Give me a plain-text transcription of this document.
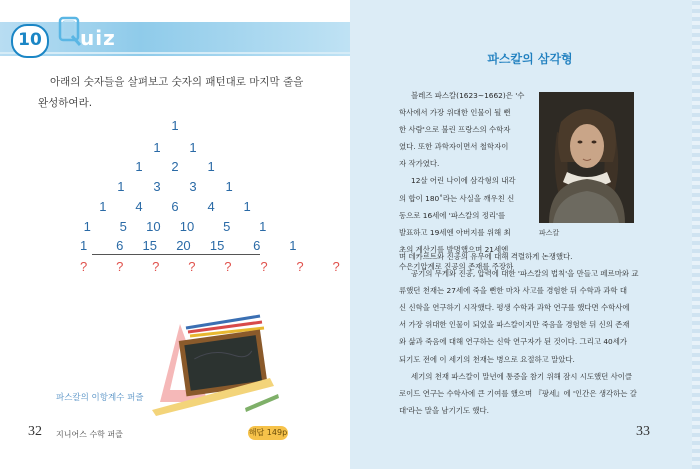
10	uiz
아래의 숫자들을 살펴보고 숫자의 패턴대로 마지막 줄을 완성하여라.
1
1   1
1   2   1
1   3   3   1
1   4   6   4   1
1   5  10  10   5   1
1   6  15  20  15   6   1
?   ?   ?   ?   ?   ?   ?   ?
파스칼의 이항계수 퍼즐
32 지니어스 수학 퍼즐	해답 149p
파스칼의 삼각형
블레즈 파스칼(1623~1662)은 '수
학사에서 가장 위대한 인물이 될 뻔
한 사람'으로 불린 프랑스의 수학자
였다. 또한 과학자이면서 철학자이
자 작가였다.
12살 어린 나이에 삼각형의 내각
의 합이 180˚라는 사실을 깨우친 신
동으로 16세에 '파스칼의 정리'를
발표하고 19세엔 아버지를 위해 최
초의 계산기를 발명했으며 21세엔
수은기압계로 진공의 존재를 주장하
파스칼
며 데카르트와 진공의 유무에 대해 격렬하게 논쟁했다.
공기의 무게와 진공, 압력에 대한 '파스칼의 법칙'을 만들고 페르마와 교
류했던 천재는 27세에 죽을 뻔한 마차 사고를 경험한 뒤 수학과 과학 대
신 신학을 연구하기 시작했다. 평생 수학과 과학 연구를 했다면 수학사에
서 가장 위대한 인물이 되었을 파스칼이지만 죽음을 경험한 뒤 신의 존재
와 삶과 죽음에 대해 연구하는 신학 연구자가 된 것이다. 그리고 40세가
되기도 전에 이 세기의 천재는 병으로 요절하고 말았다.
세기의 천재 파스칼이 말년에 통증을 참기 위해 잠시 시도했던 사이클
로이드 연구는 수학사에 큰 기여를 했으며 『팡세』에 '인간은 생각하는 갈
대'라는 말을 남기기도 했다.
33
